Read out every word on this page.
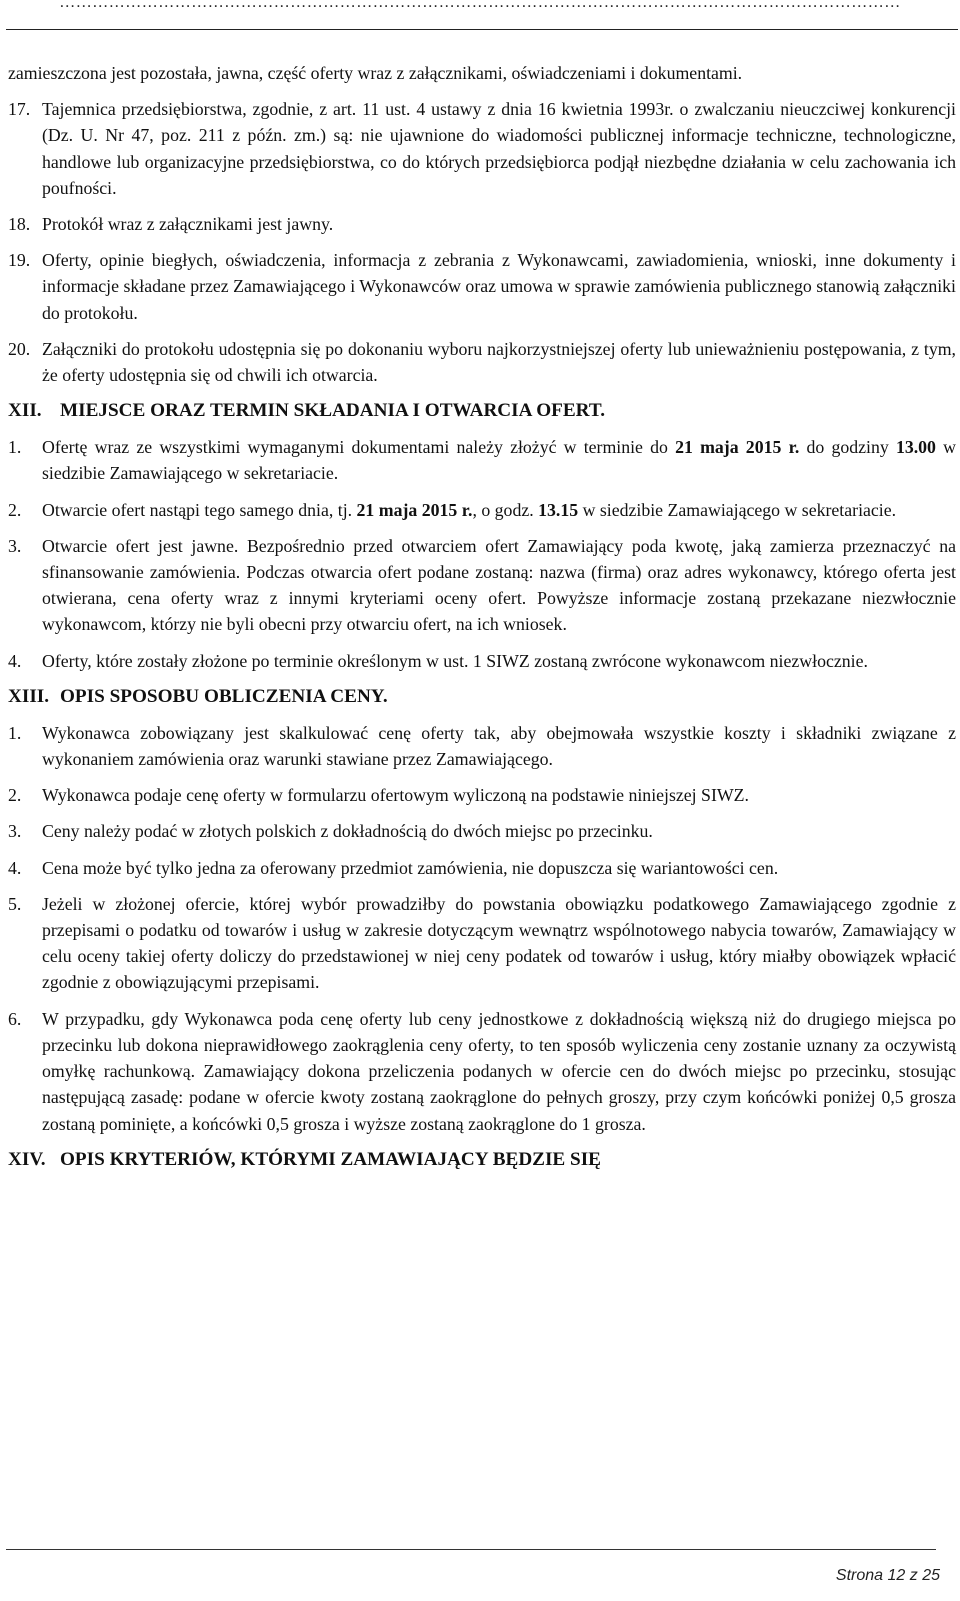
………………………………………………………………………………………………………………………………………

zamieszczona jest pozostała, jawna, część oferty wraz z załącznikami, oświadczeniami i dokumentami.

17. Tajemnica przedsiębiorstwa, zgodnie, z art. 11 ust. 4 ustawy z dnia 16 kwietnia 1993r. o zwalczaniu nieuczciwej konkurencji (Dz. U. Nr 47, poz. 211 z późn. zm.) są: nie ujawnione do wiadomości publicznej informacje techniczne, technologiczne, handlowe lub organizacyjne przedsiębiorstwa, co do których przedsiębiorca podjął niezbędne działania w celu zachowania ich poufności.
18. Protokół wraz z załącznikami jest jawny.
19. Oferty, opinie biegłych, oświadczenia, informacja z zebrania z Wykonawcami, zawiadomienia, wnioski, inne dokumenty i informacje składane przez Zamawiającego i Wykonawców oraz umowa w sprawie zamówienia publicznego stanowią załączniki do protokołu.
20. Załączniki do protokołu udostępnia się po dokonaniu wyboru najkorzystniejszej oferty lub unieważnieniu postępowania, z tym, że oferty udostępnia się od chwili ich otwarcia.
XII. MIEJSCE ORAZ TERMIN SKŁADANIA I OTWARCIA OFERT.
1.	Ofertę wraz ze wszystkimi wymaganymi dokumentami należy złożyć w terminie do 21 maja 2015 r. do godziny 13.00 w siedzibie Zamawiającego w sekretariacie.
2.	Otwarcie ofert nastąpi tego samego dnia, tj. 21 maja 2015 r., o godz. 13.15 w siedzibie Zamawiającego w sekretariacie.
3.	Otwarcie ofert jest jawne. Bezpośrednio przed otwarciem ofert Zamawiający poda kwotę, jaką zamierza przeznaczyć na sfinansowanie zamówienia. Podczas otwarcia ofert podane zostaną: nazwa (firma) oraz adres wykonawcy, którego oferta jest otwierana, cena oferty wraz z innymi kryteriami oceny ofert. Powyższe informacje zostaną przekazane niezwłocznie wykonawcom, którzy nie byli obecni przy otwarciu ofert, na ich wniosek.
4.	Oferty, które zostały złożone po terminie określonym w ust. 1 SIWZ zostaną zwrócone wykonawcom niezwłocznie.
XIII. OPIS SPOSOBU OBLICZENIA CENY.
1.	Wykonawca zobowiązany jest skalkulować cenę oferty tak, aby obejmowała wszystkie koszty i składniki związane z wykonaniem zamówienia oraz warunki stawiane przez Zamawiającego.
2.	Wykonawca podaje cenę oferty w formularzu ofertowym wyliczoną na podstawie niniejszej SIWZ.
3.	Ceny należy podać w złotych polskich z dokładnością do dwóch miejsc po przecinku.
4.	Cena może być tylko jedna za oferowany przedmiot zamówienia, nie dopuszcza się wariantowości cen.
5.	Jeżeli w złożonej ofercie, której wybór prowadziłby do powstania obowiązku podatkowego Zamawiającego zgodnie z przepisami o podatku od towarów i usług w zakresie dotyczącym wewnątrz wspólnotowego nabycia towarów, Zamawiający w celu oceny takiej oferty doliczy do przedstawionej w niej ceny podatek od towarów i usług, który miałby obowiązek wpłacić zgodnie z obowiązującymi przepisami.
6.	W przypadku, gdy Wykonawca poda cenę oferty lub ceny jednostkowe z dokładnością większą niż do drugiego miejsca po przecinku lub dokona nieprawidłowego zaokrąglenia ceny oferty, to ten sposób wyliczenia ceny zostanie uznany za oczywistą omyłkę rachunkową. Zamawiający dokona przeliczenia podanych w ofercie cen do dwóch miejsc po przecinku, stosując następującą zasadę: podane w ofercie kwoty zostaną zaokrąglone do pełnych groszy, przy czym końcówki poniżej 0,5 grosza zostaną pominięte, a końcówki 0,5 grosza i wyższe zostaną zaokrąglone do 1 grosza.
XIV. OPIS KRYTERIÓW, KTÓRYMI ZAMAWIAJĄCY BĘDZIE SIĘ
Strona 12 z 25
